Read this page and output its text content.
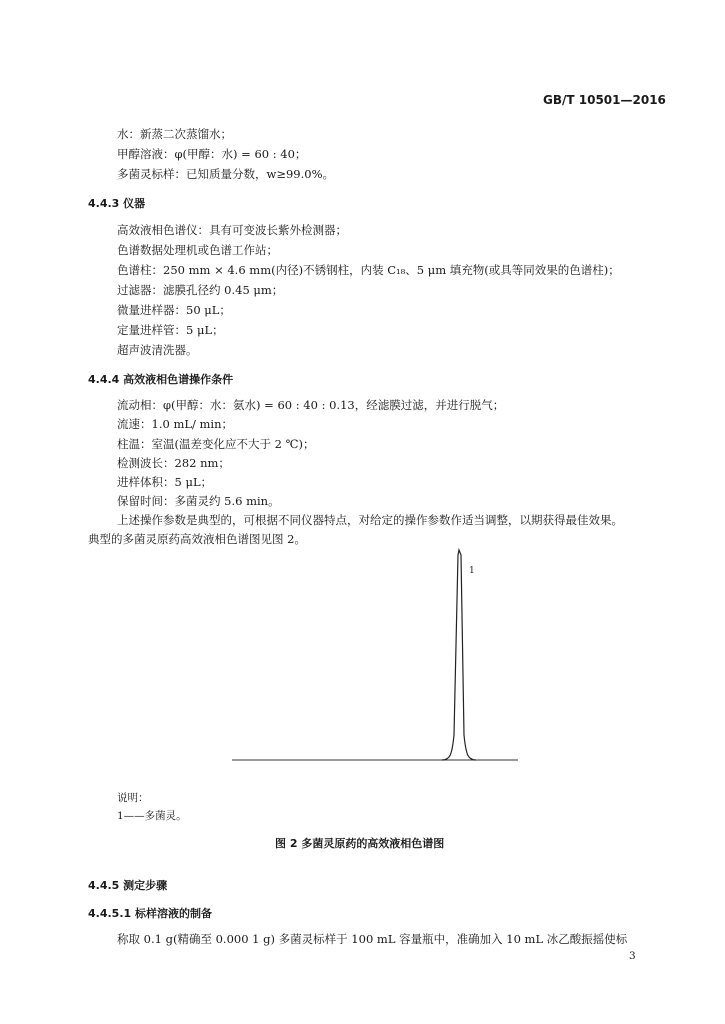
GB/T 10501—2016
水：新蒸二次蒸馏水；
甲醇溶液：φ(甲醇：水) = 60 : 40；
多菌灵标样：已知质量分数，w≥99.0%。
4.4.3 仪器
高效液相色谱仪：具有可变波长紫外检测器；
色谱数据处理机或色谱工作站；
色谱柱：250 mm × 4.6 mm(内径)不锈钢柱，内装 C₁₈、5 μm 填充物(或具等同效果的色谱柱)；
过滤器：滤膜孔径约 0.45 μm；
微量进样器：50 μL；
定量进样管：5 μL；
超声波清洗器。
4.4.4 高效液相色谱操作条件
流动相：φ(甲醇：水：氨水) = 60 : 40 : 0.13，经滤膜过滤，并进行脱气；
流速：1.0 mL/ min；
柱温：室温(温差变化应不大于 2 ℃)；
检测波长：282 nm；
进样体积：5 μL；
保留时间：多菌灵约 5.6 min。
上述操作参数是典型的，可根据不同仪器特点，对给定的操作参数作适当调整，以期获得最佳效果。
典型的多菌灵原药高效液相色谱图见图 2。
1
说明：
1——多菌灵。
图 2 多菌灵原药的高效液相色谱图
4.4.5 测定步骤
4.4.5.1 标样溶液的制备
称取 0.1 g(精确至 0.000 1 g) 多菌灵标样于 100 mL 容量瓶中，准确加入 10 mL 冰乙酸振摇使标
3
